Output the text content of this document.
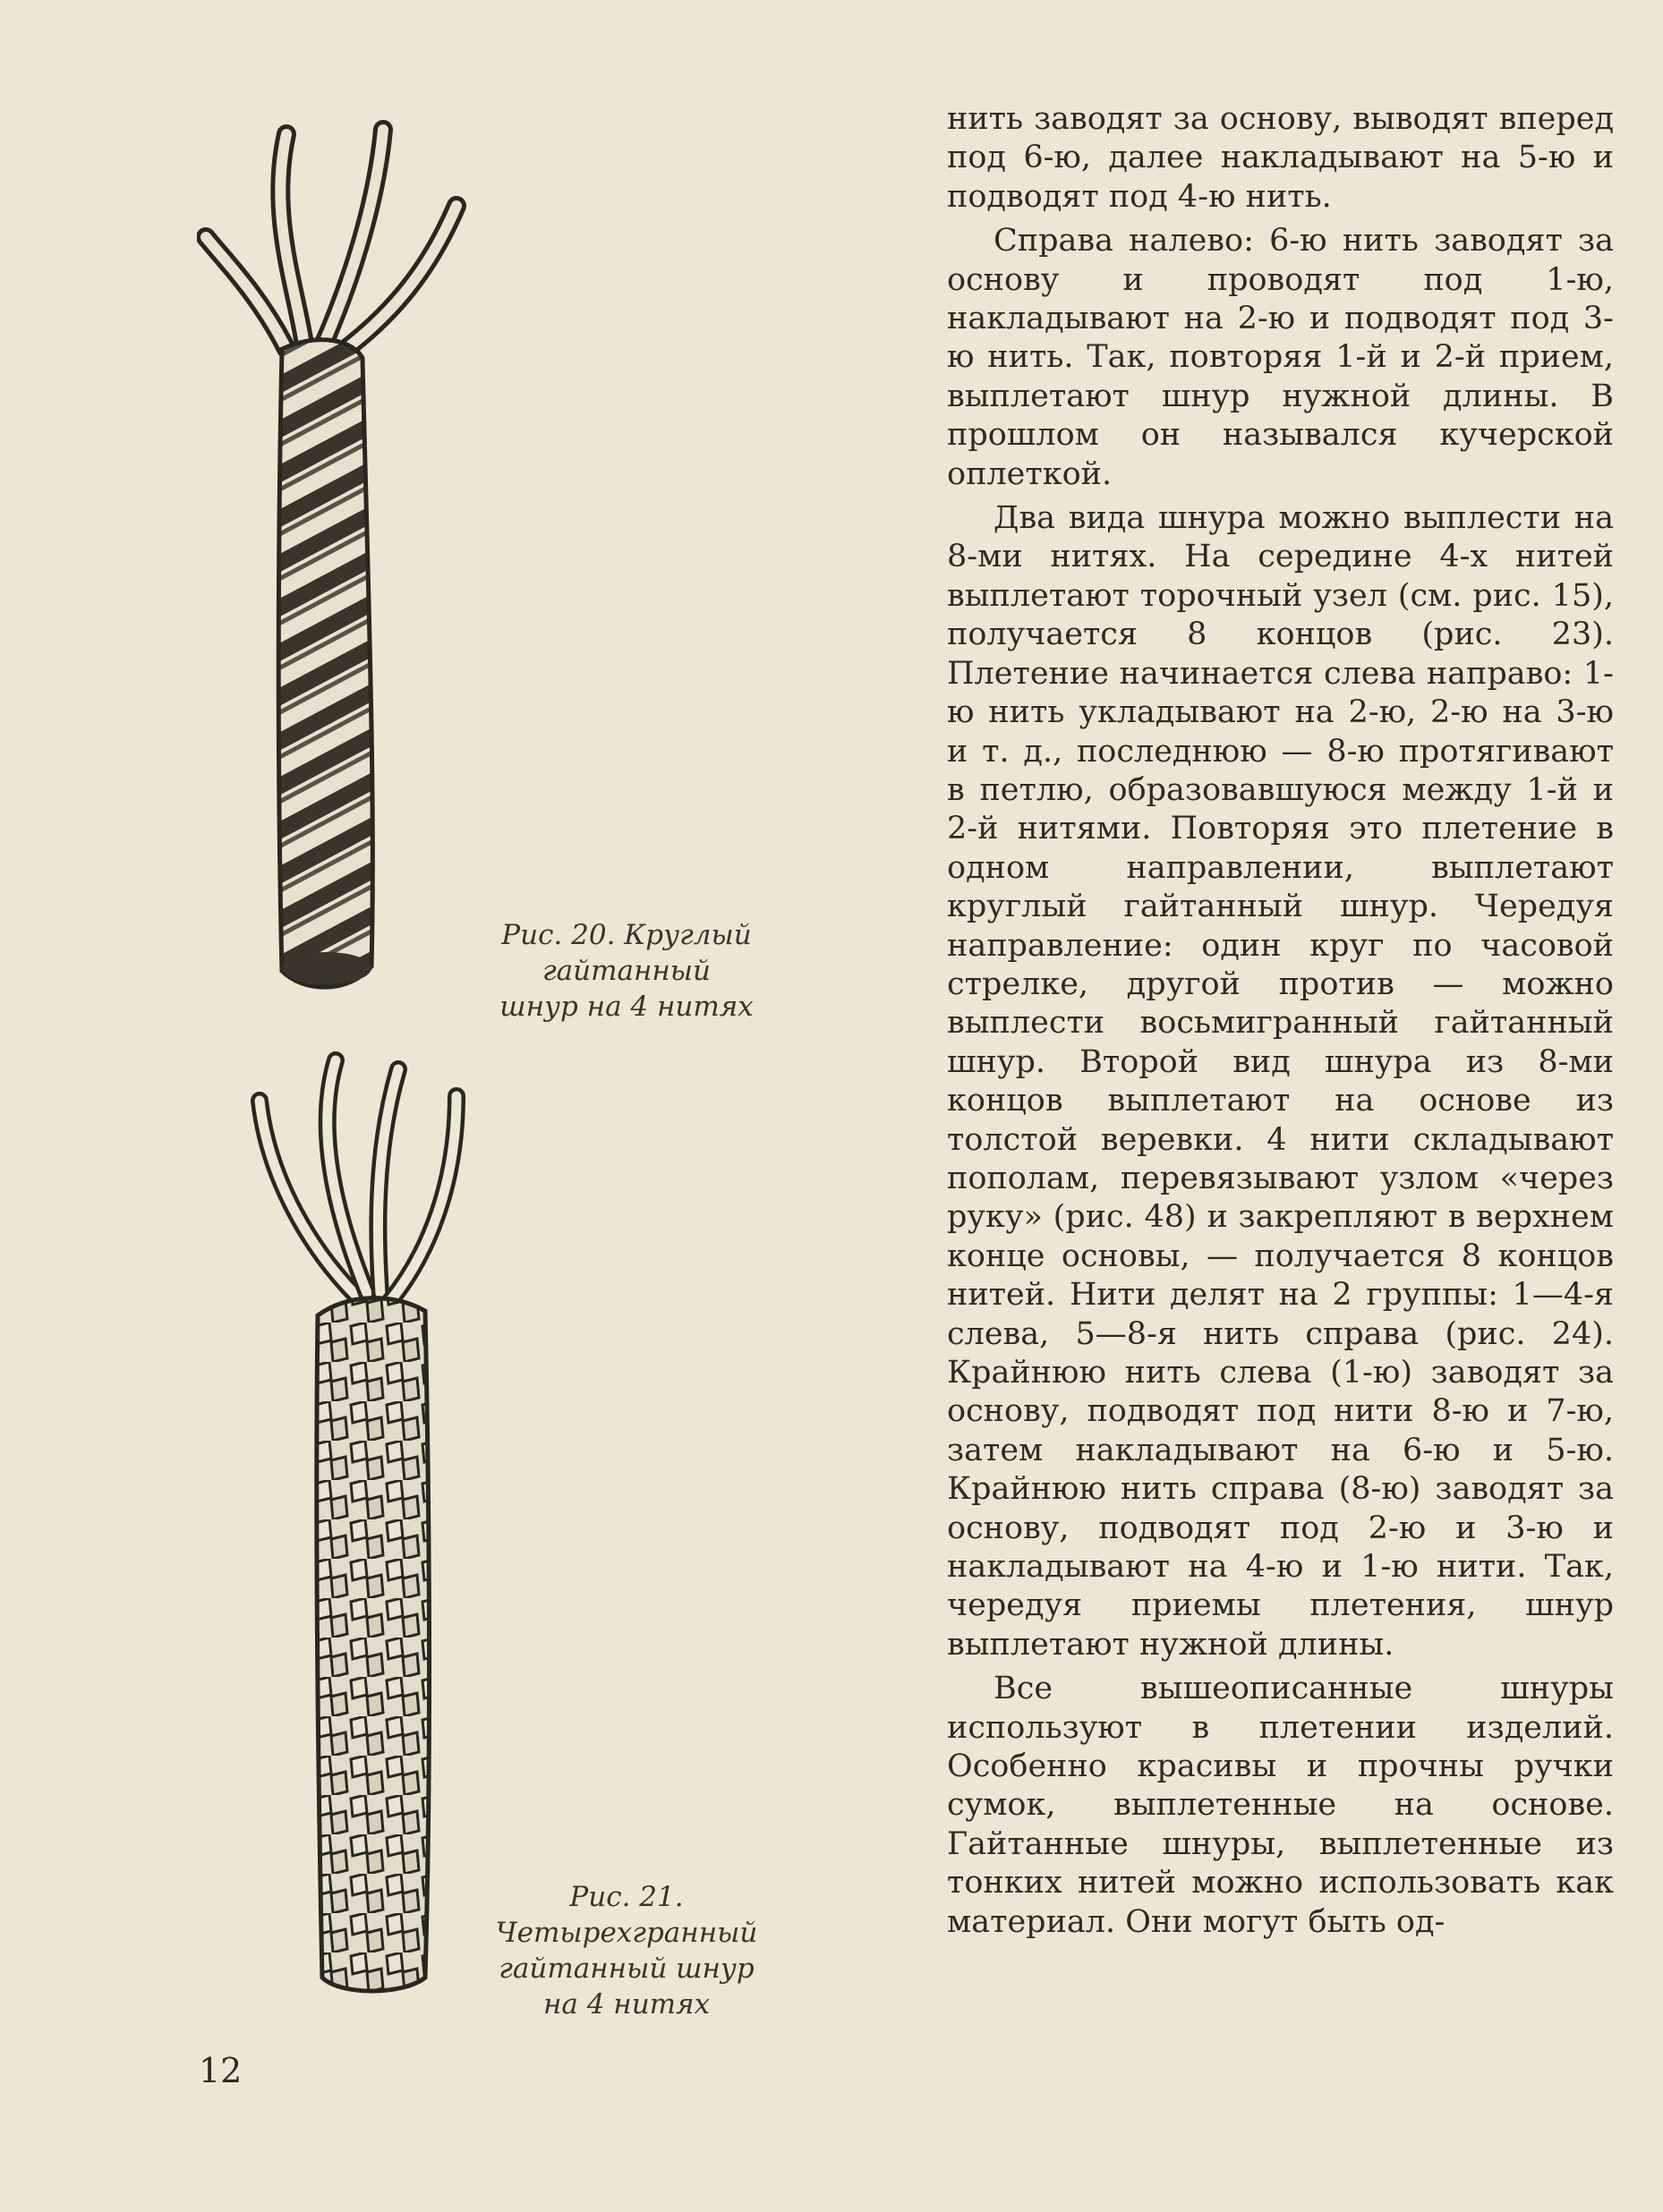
Рис. 20. Круглый
гайтанный
шнур на 4 нитях
Рис. 21.
Четырехгранный
гайтанный шнур
на 4 нитях

нить заводят за основу, выводят вперед под 6-ю, далее накладывают на 5-ю и подводят под 4-ю нить.

Справа налево: 6-ю нить заводят за основу и проводят под 1-ю, накладывают на 2-ю и подводят под 3-ю нить. Так, повторяя 1-й и 2-й прием, выплетают шнур нужной длины. В прошлом он назывался кучерской оплеткой.

Два вида шнура можно выплести на 8-ми нитях. На середине 4-х нитей выплетают торочный узел (см. рис. 15), получается 8 концов (рис. 23). Плетение начинается слева направо: 1-ю нить укладывают на 2-ю, 2-ю на 3-ю и т. д., последнюю — 8-ю протягивают в петлю, образовавшуюся между 1-й и 2-й нитями. Повторяя это плетение в одном направлении, выплетают круглый гайтанный шнур. Чередуя направление: один круг по часовой стрелке, другой против — можно выплести восьмигранный гайтанный шнур. Второй вид шнура из 8-ми концов выплетают на основе из толстой веревки. 4 нити складывают пополам, перевязывают узлом «через руку» (рис. 48) и закрепляют в верхнем конце основы, — получается 8 концов нитей. Нити делят на 2 группы: 1—4-я слева, 5—8-я нить справа (рис. 24). Крайнюю нить слева (1-ю) заводят за основу, подводят под нити 8-ю и 7-ю, затем накладывают на 6-ю и 5-ю. Крайнюю нить справа (8-ю) заводят за основу, подводят под 2-ю и 3-ю и накладывают на 4-ю и 1-ю нити. Так, чередуя приемы плетения, шнур выплетают нужной длины.

Все вышеописанные шнуры используют в плетении изделий. Особенно красивы и прочны ручки сумок, выплетенные на основе. Гайтанные шнуры, выплетенные из тонких нитей можно использовать как материал. Они могут быть од-

12
